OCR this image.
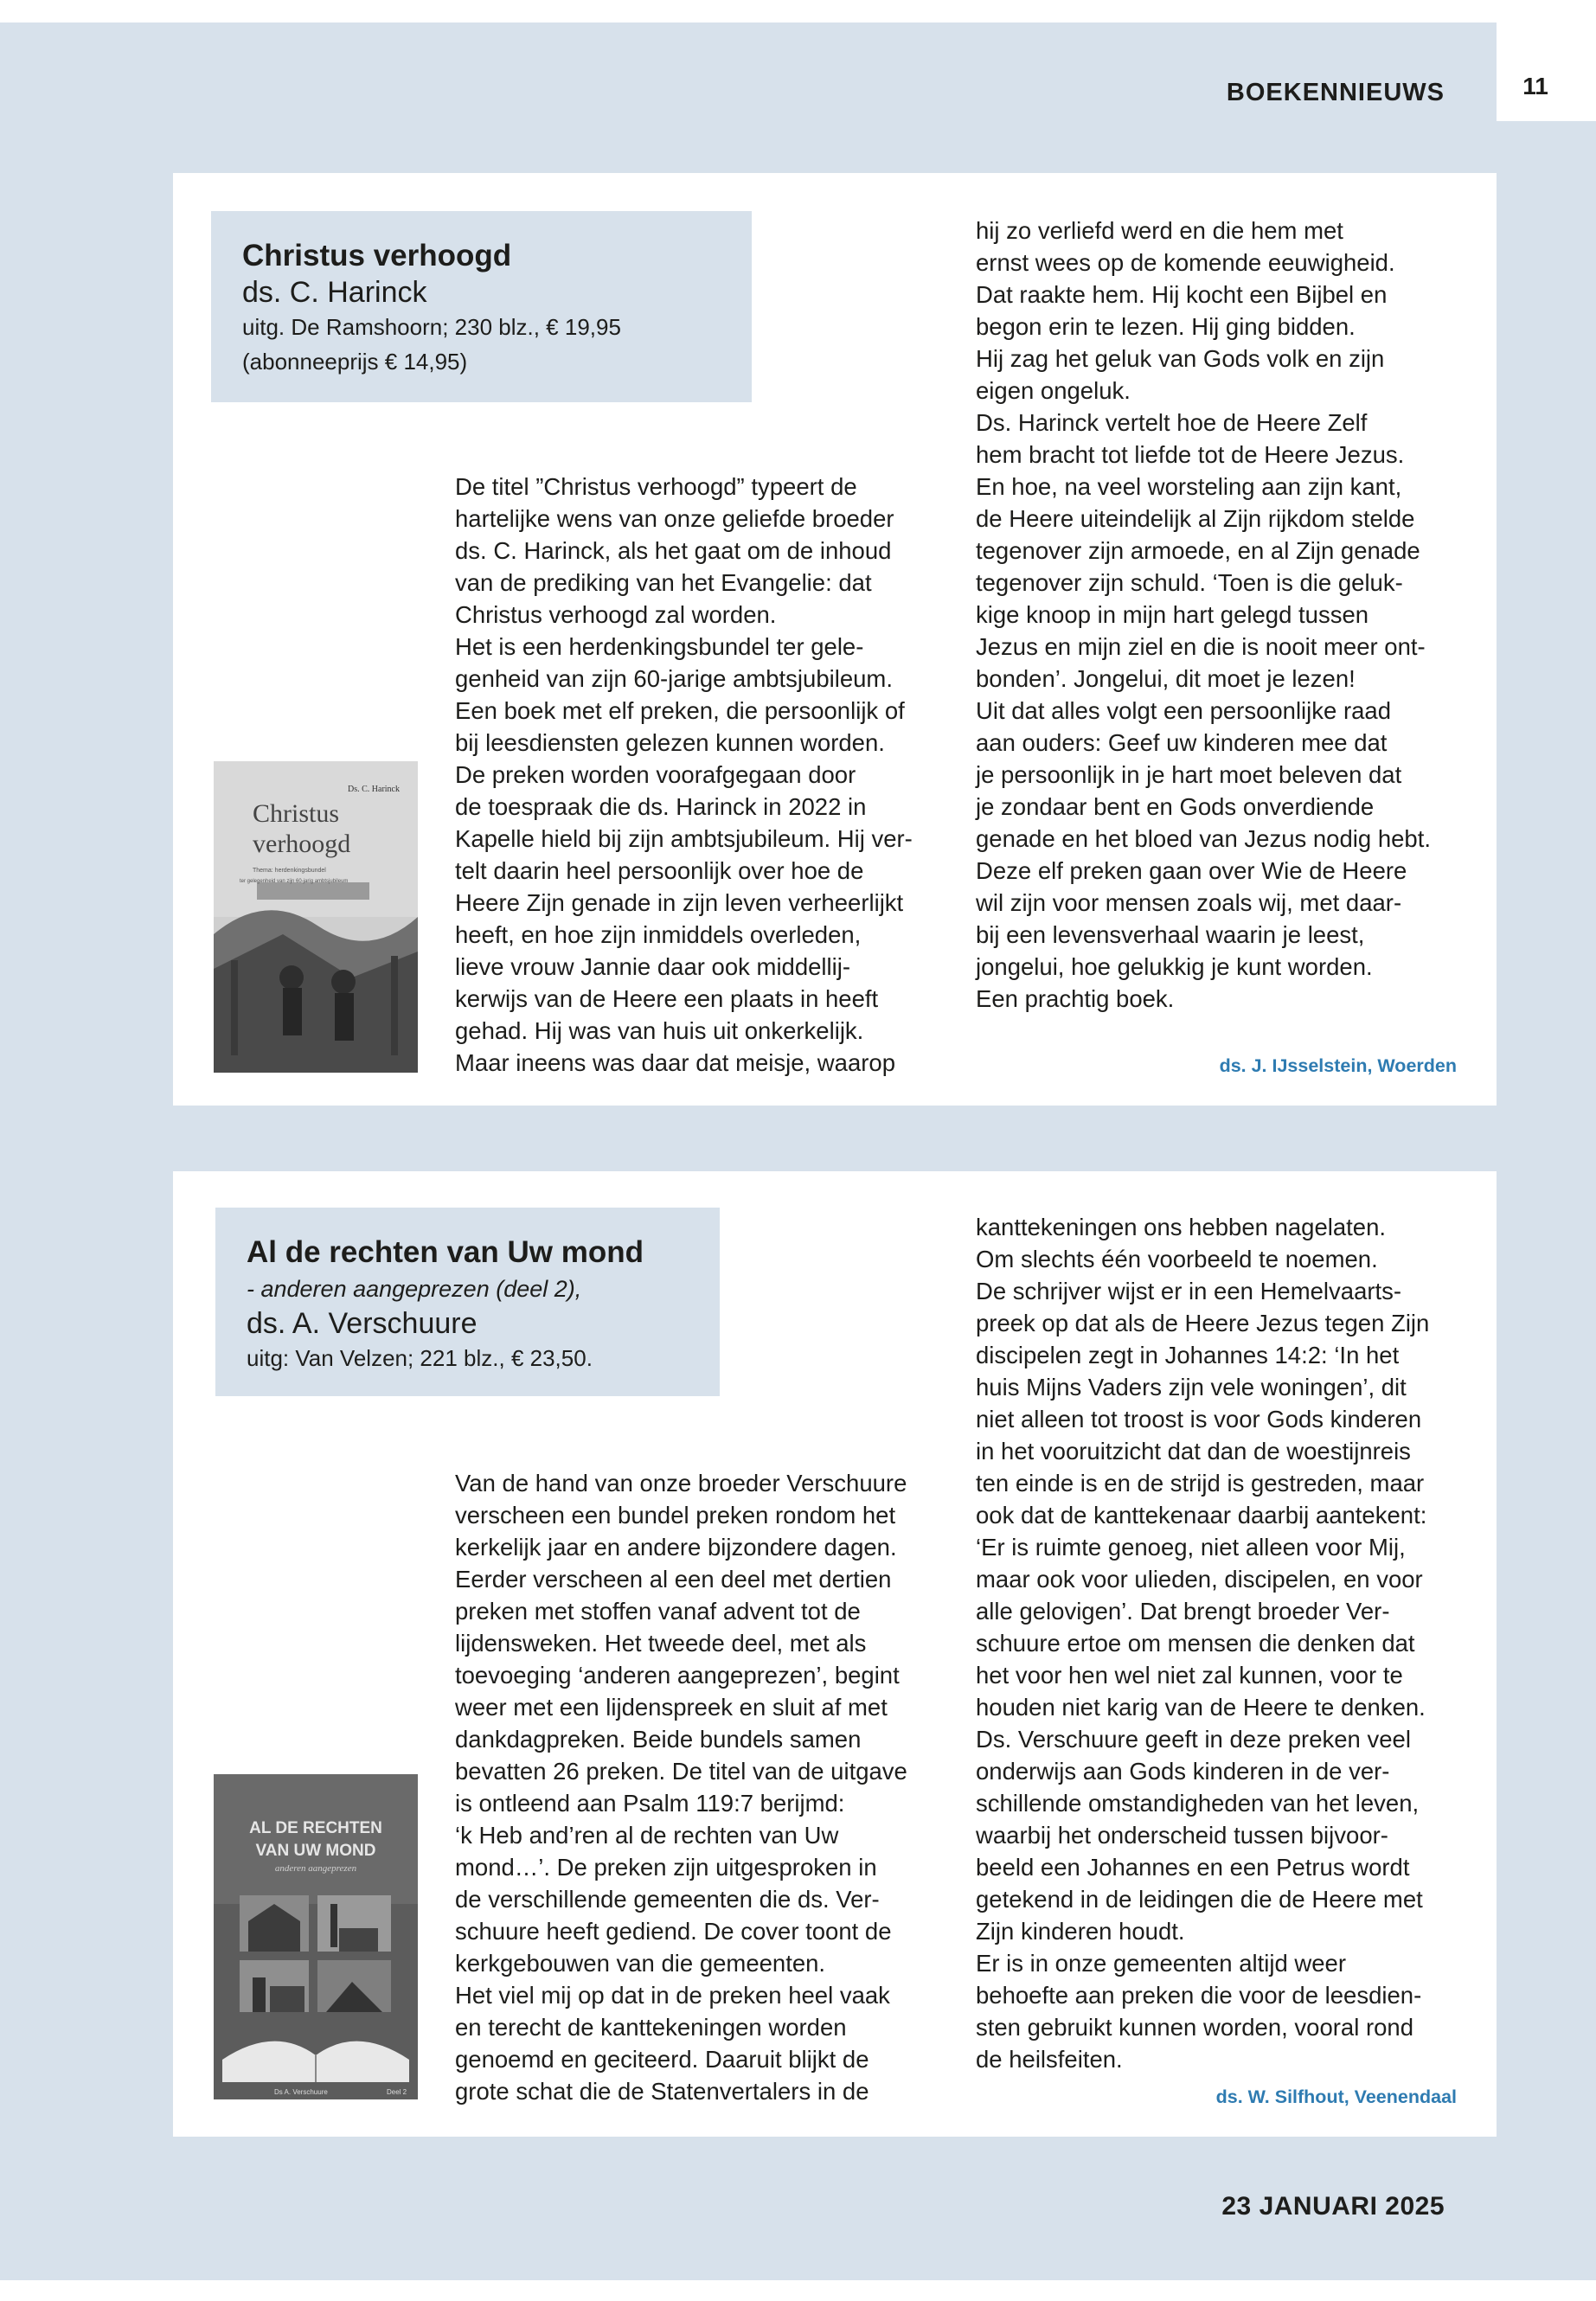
11
BOEKENNIEUWS
Christus verhoogd
ds. C. Harinck
uitg. De Ramshoorn; 230 blz., € 19,95
(abonneeprijs € 14,95)
Ds. C. Harinck
Christus
verhoogd
Thema: herdenkingsbundel
ter gelegenheid van zijn 60-jarig ambtsjubileum
De titel ”Christus verhoogd” typeert de
hartelijke wens van onze geliefde broeder
ds. C. Harinck, als het gaat om de inhoud
van de prediking van het Evangelie: dat
Christus verhoogd zal worden.
Het is een herdenkingsbundel ter gele-
genheid van zijn 60-jarige ambtsjubileum.
Een boek met elf preken, die persoonlijk of
bij leesdiensten gelezen kunnen worden.
De preken worden voorafgegaan door
de toespraak die ds. Harinck in 2022 in
Kapelle hield bij zijn ambtsjubileum. Hij ver-
telt daarin heel persoonlijk over hoe de
Heere Zijn genade in zijn leven verheerlijkt
heeft, en hoe zijn inmiddels overleden,
lieve vrouw Jannie daar ook middellij-
kerwijs van de Heere een plaats in heeft
gehad. Hij was van huis uit onkerkelijk.
Maar ineens was daar dat meisje, waarop
hij zo verliefd werd en die hem met
ernst wees op de komende eeuwigheid.
Dat raakte hem. Hij kocht een Bijbel en
begon erin te lezen. Hij ging bidden.
Hij zag het geluk van Gods volk en zijn
eigen ongeluk.
Ds. Harinck vertelt hoe de Heere Zelf
hem bracht tot liefde tot de Heere Jezus.
En hoe, na veel worsteling aan zijn kant,
de Heere uiteindelijk al Zijn rijkdom stelde
tegenover zijn armoede, en al Zijn genade
tegenover zijn schuld. ‘Toen is die geluk-
kige knoop in mijn hart gelegd tussen
Jezus en mijn ziel en die is nooit meer ont-
bonden’. Jongelui, dit moet je lezen!
Uit dat alles volgt een persoonlijke raad
aan ouders: Geef uw kinderen mee dat
je persoonlijk in je hart moet beleven dat
je zondaar bent en Gods onverdiende
genade en het bloed van Jezus nodig hebt.
Deze elf preken gaan over Wie de Heere
wil zijn voor mensen zoals wij, met daar-
bij een levensverhaal waarin je leest,
jongelui, hoe gelukkig je kunt worden.
Een prachtig boek.
ds. J. IJsselstein, Woerden
Al de rechten van Uw mond
- anderen aangeprezen (deel 2),
ds. A. Verschuure
uitg: Van Velzen; 221 blz., € 23,50.
AL DE RECHTEN
VAN UW MOND
anderen aangeprezen
Ds A. Verschuure	Deel 2
Van de hand van onze broeder Verschuure
verscheen een bundel preken rondom het
kerkelijk jaar en andere bijzondere dagen.
Eerder verscheen al een deel met dertien
preken met stoffen vanaf advent tot de
lijdensweken. Het tweede deel, met als
toevoeging ‘anderen aangeprezen’, begint
weer met een lijdenspreek en sluit af met
dankdagpreken. Beide bundels samen
bevatten 26 preken. De titel van de uitgave
is ontleend aan Psalm 119:7 berijmd:
‘k Heb and’ren al de rechten van Uw
mond…’. De preken zijn uitgesproken in
de verschillende gemeenten die ds. Ver-
schuure heeft gediend. De cover toont de
kerkgebouwen van die gemeenten.
Het viel mij op dat in de preken heel vaak
en terecht de kanttekeningen worden
genoemd en geciteerd. Daaruit blijkt de
grote schat die de Statenvertalers in de
kanttekeningen ons hebben nagelaten.
Om slechts één voorbeeld te noemen.
De schrijver wijst er in een Hemelvaarts-
preek op dat als de Heere Jezus tegen Zijn
discipelen zegt in Johannes 14:2: ‘In het
huis Mijns Vaders zijn vele woningen’, dit
niet alleen tot troost is voor Gods kinderen
in het vooruitzicht dat dan de woestijnreis
ten einde is en de strijd is gestreden, maar
ook dat de kanttekenaar daarbij aantekent:
‘Er is ruimte genoeg, niet alleen voor Mij,
maar ook voor ulieden, discipelen, en voor
alle gelovigen’. Dat brengt broeder Ver-
schuure ertoe om mensen die denken dat
het voor hen wel niet zal kunnen, voor te
houden niet karig van de Heere te denken.
Ds. Verschuure geeft in deze preken veel
onderwijs aan Gods kinderen in de ver-
schillende omstandigheden van het leven,
waarbij het onderscheid tussen bijvoor-
beeld een Johannes en een Petrus wordt
getekend in de leidingen die de Heere met
Zijn kinderen houdt.
Er is in onze gemeenten altijd weer
behoefte aan preken die voor de leesdien-
sten gebruikt kunnen worden, vooral rond
de heilsfeiten.
ds. W. Silfhout, Veenendaal
23 JANUARI 2025
